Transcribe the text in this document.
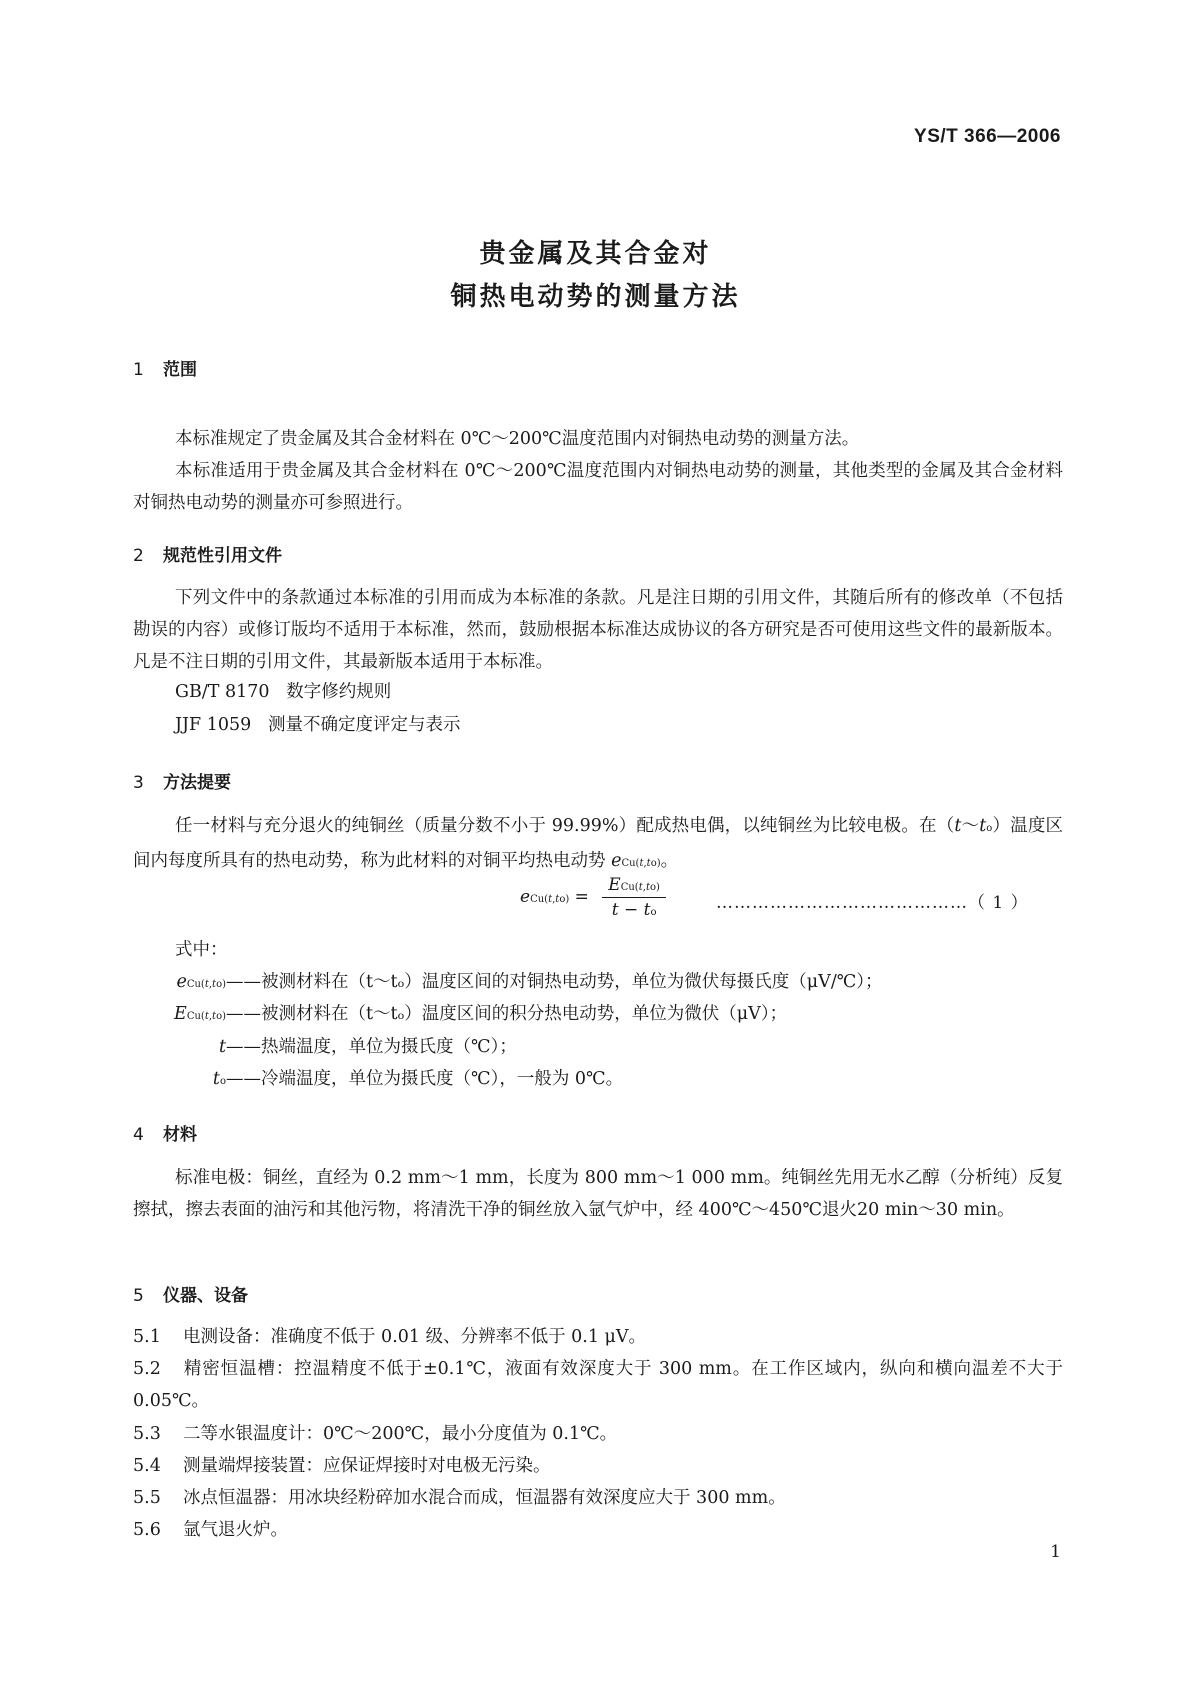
YS/T 366—2006
贵金属及其合金对
铜热电动势的测量方法
1 范围
本标准规定了贵金属及其合金材料在 0℃～200℃温度范围内对铜热电动势的测量方法。
本标准适用于贵金属及其合金材料在 0℃～200℃温度范围内对铜热电动势的测量，其他类型的金属及其合金材料对铜热电动势的测量亦可参照进行。
2 规范性引用文件
下列文件中的条款通过本标准的引用而成为本标准的条款。凡是注日期的引用文件，其随后所有的修改单（不包括勘误的内容）或修订版均不适用于本标准，然而，鼓励根据本标准达成协议的各方研究是否可使用这些文件的最新版本。凡是不注日期的引用文件，其最新版本适用于本标准。
GB/T 8170 数字修约规则
JJF 1059 测量不确定度评定与表示
3 方法提要
任一材料与充分退火的纯铜丝（质量分数不小于 99.99%）配成热电偶，以纯铜丝为比较电极。在（t～to）温度区间内每度所具有的热电动势，称为此材料的对铜平均热电动势 eCu(t,to)。
$eCu(t,to) = \frac{\text{ECu(t,to)}}{t - to}$	……………………………………（ 1 ）
式中：
eCu(t,to)——被测材料在（t～tₒ）温度区间的对铜热电动势，单位为微伏每摄氏度（μV/℃）；
ECu(t,to)——被测材料在（t～tₒ）温度区间的积分热电动势，单位为微伏（μV）；
t——热端温度，单位为摄氏度（℃）；
to——冷端温度，单位为摄氏度（℃），一般为 0℃。
4 材料
标准电极：铜丝，直经为 0.2 mm～1 mm，长度为 800 mm～1 000 mm。纯铜丝先用无水乙醇（分析纯）反复擦拭，擦去表面的油污和其他污物，将清洗干净的铜丝放入氩气炉中，经 400℃～450℃退火20 min～30 min。
5 仪器、设备
5.1 电测设备：准确度不低于 0.01 级、分辨率不低于 0.1 μV。
5.2 精密恒温槽：控温精度不低于±0.1℃，液面有效深度大于 300 mm。在工作区域内，纵向和横向温差不大于 0.05℃。
5.3 二等水银温度计：0℃～200℃，最小分度值为 0.1℃。
5.4 测量端焊接装置：应保证焊接时对电极无污染。
5.5 冰点恒温器：用冰块经粉碎加水混合而成，恒温器有效深度应大于 300 mm。
5.6 氩气退火炉。
1
